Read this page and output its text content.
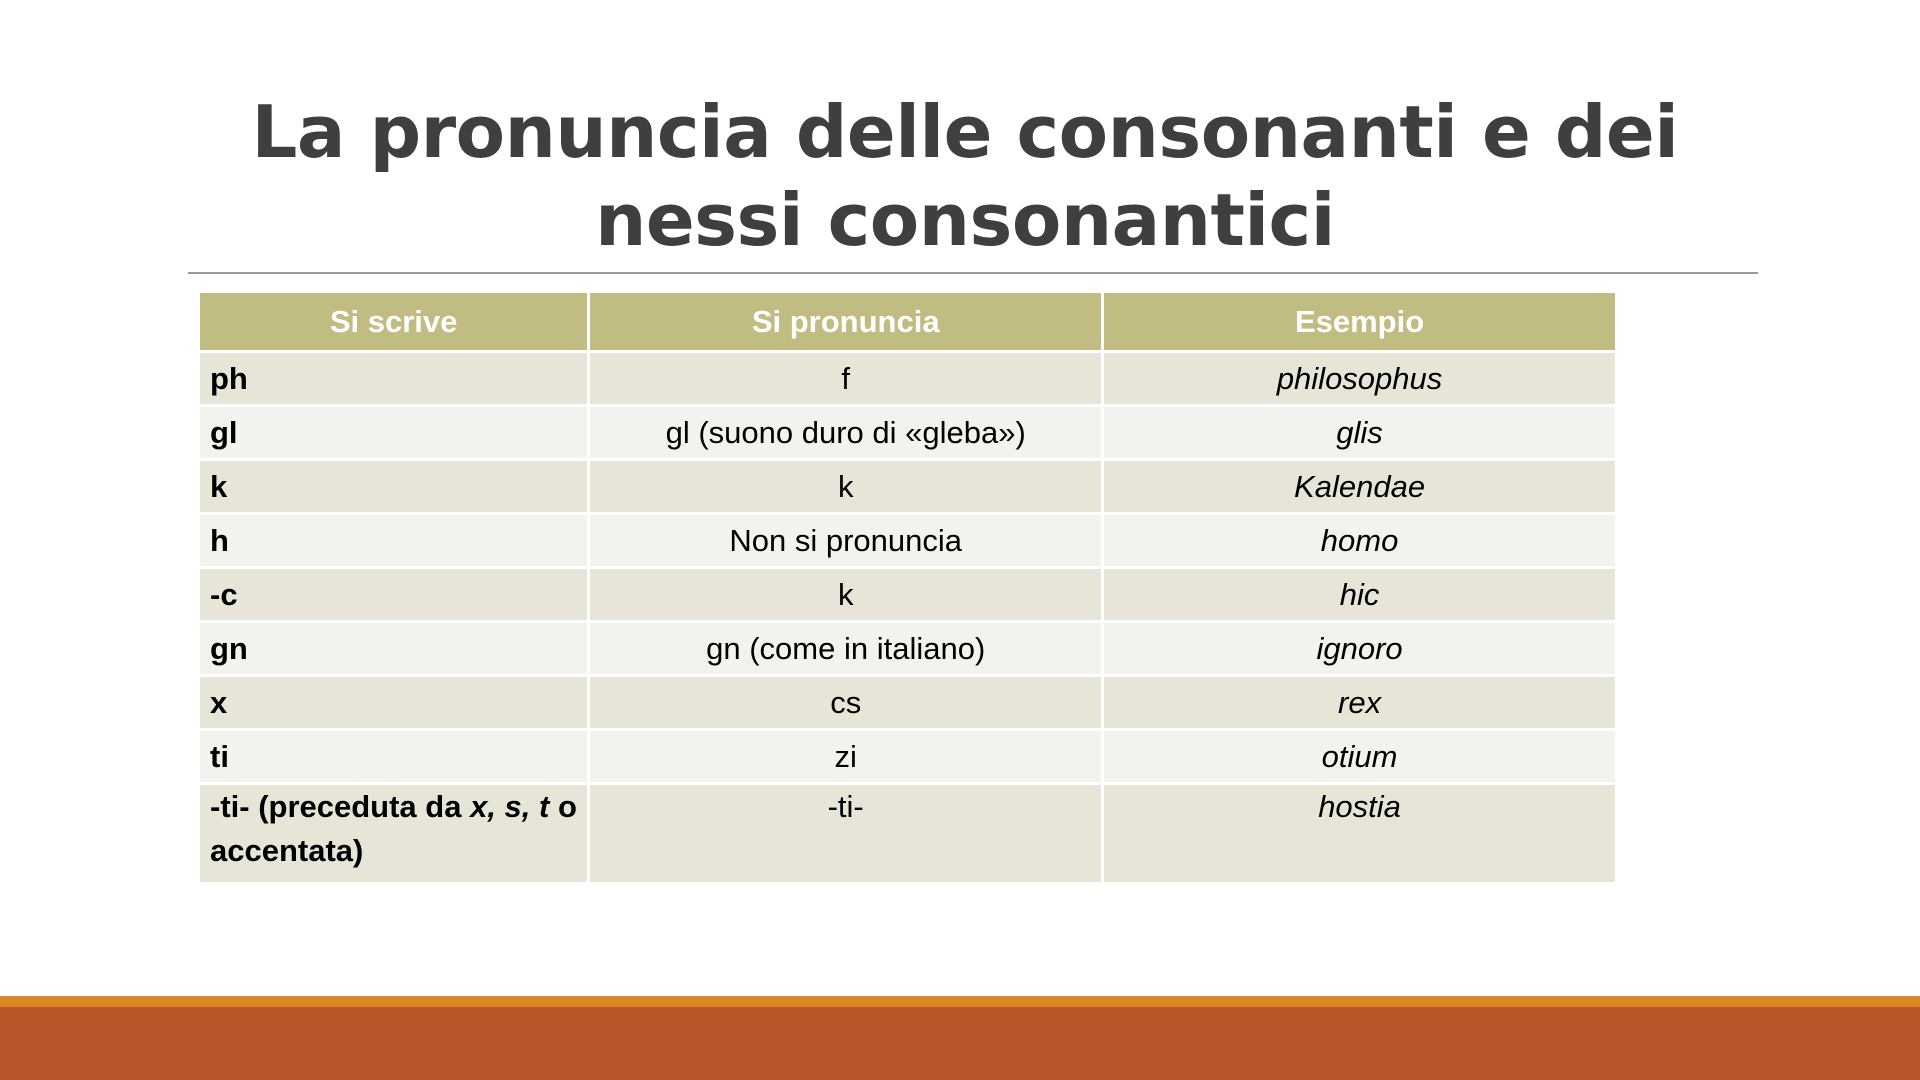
La pronuncia delle consonanti e dei nessi consonantici
Si scrive	Si pronuncia	Esempio
ph	f	philosophus
gl	gl (suono duro di «gleba»)	glis
k	k	Kalendae
h	Non si pronuncia	homo
-c	k	hic
gn	gn (come in italiano)	ignoro
x	cs	rex
ti	zi	otium
-ti- (preceduta da x, s, t o accentata)	-ti-	hostia
